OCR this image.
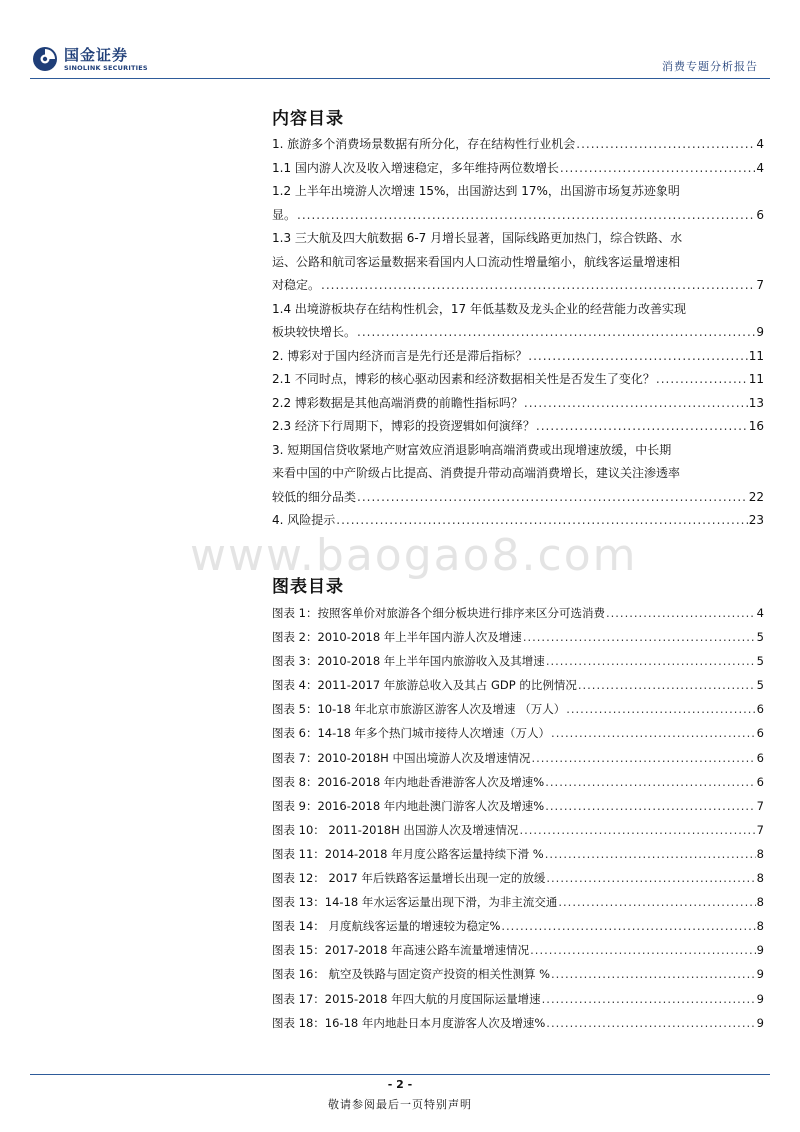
国金证券
SINOLINK SECURITIES	消费专题分析报告
内容目录
1. 旅游多个消费场景数据有所分化，存在结构性行业机会 .....	4
1.1 国内游人次及收入增速稳定，多年维持两位数增长 .....	4
1.2 上半年出境游人次增速 15%，出国游达到 17%，出国游市场复苏迹象明
显。 .....	6
1.3 三大航及四大航数据 6-7 月增长显著，国际线路更加热门，综合铁路、水
运、公路和航司客运量数据来看国内人口流动性增量缩小，航线客运量增速相
对稳定。 .....	7
1.4 出境游板块存在结构性机会，17 年低基数及龙头企业的经营能力改善实现
板块较快增长。 .....	9
2. 博彩对于国内经济而言是先行还是滞后指标？ .....	11
2.1 不同时点，博彩的核心驱动因素和经济数据相关性是否发生了变化？ .....	11
2.2 博彩数据是其他高端消费的前瞻性指标吗？ .....	13
2.3 经济下行周期下，博彩的投资逻辑如何演绎？ .....	16
3. 短期国信贷收紧地产财富效应消退影响高端消费或出现增速放缓，中长期
来看中国的中产阶级占比提高、消费提升带动高端消费增长，建议关注渗透率
较低的细分品类 .....	22
4. 风险提示 .....	23
www.baogao8.com
图表目录
图表 1：按照客单价对旅游各个细分板块进行排序来区分可选消费 .....	4
图表 2：2010-2018 年上半年国内游人次及增速 .....	5
图表 3：2010-2018 年上半年国内旅游收入及其增速 .....	5
图表 4：2011-2017 年旅游总收入及其占 GDP 的比例情况 .....	5
图表 5：10-18 年北京市旅游区游客人次及增速 （万人） .....	6
图表 6：14-18 年多个热门城市接待人次增速（万人） .....	6
图表 7：2010-2018H 中国出境游人次及增速情况 .....	6
图表 8：2016-2018 年内地赴香港游客人次及增速% .....	6
图表 9：2016-2018 年内地赴澳门游客人次及增速% .....	7
图表 10： 2011-2018H 出国游人次及增速情况 .....	7
图表 11：2014-2018 年月度公路客运量持续下滑 % .....	8
图表 12： 2017 年后铁路客运量增长出现一定的放缓 .....	8
图表 13：14-18 年水运客运量出现下滑，为非主流交通 .....	8
图表 14： 月度航线客运量的增速较为稳定% .....	8
图表 15：2017-2018 年高速公路车流量增速情况 .....	9
图表 16： 航空及铁路与固定资产投资的相关性测算 % .....	9
图表 17：2015-2018 年四大航的月度国际运量增速 .....	9
图表 18：16-18 年内地赴日本月度游客人次及增速% .....	9
- 2 -
敬请参阅最后一页特别声明
